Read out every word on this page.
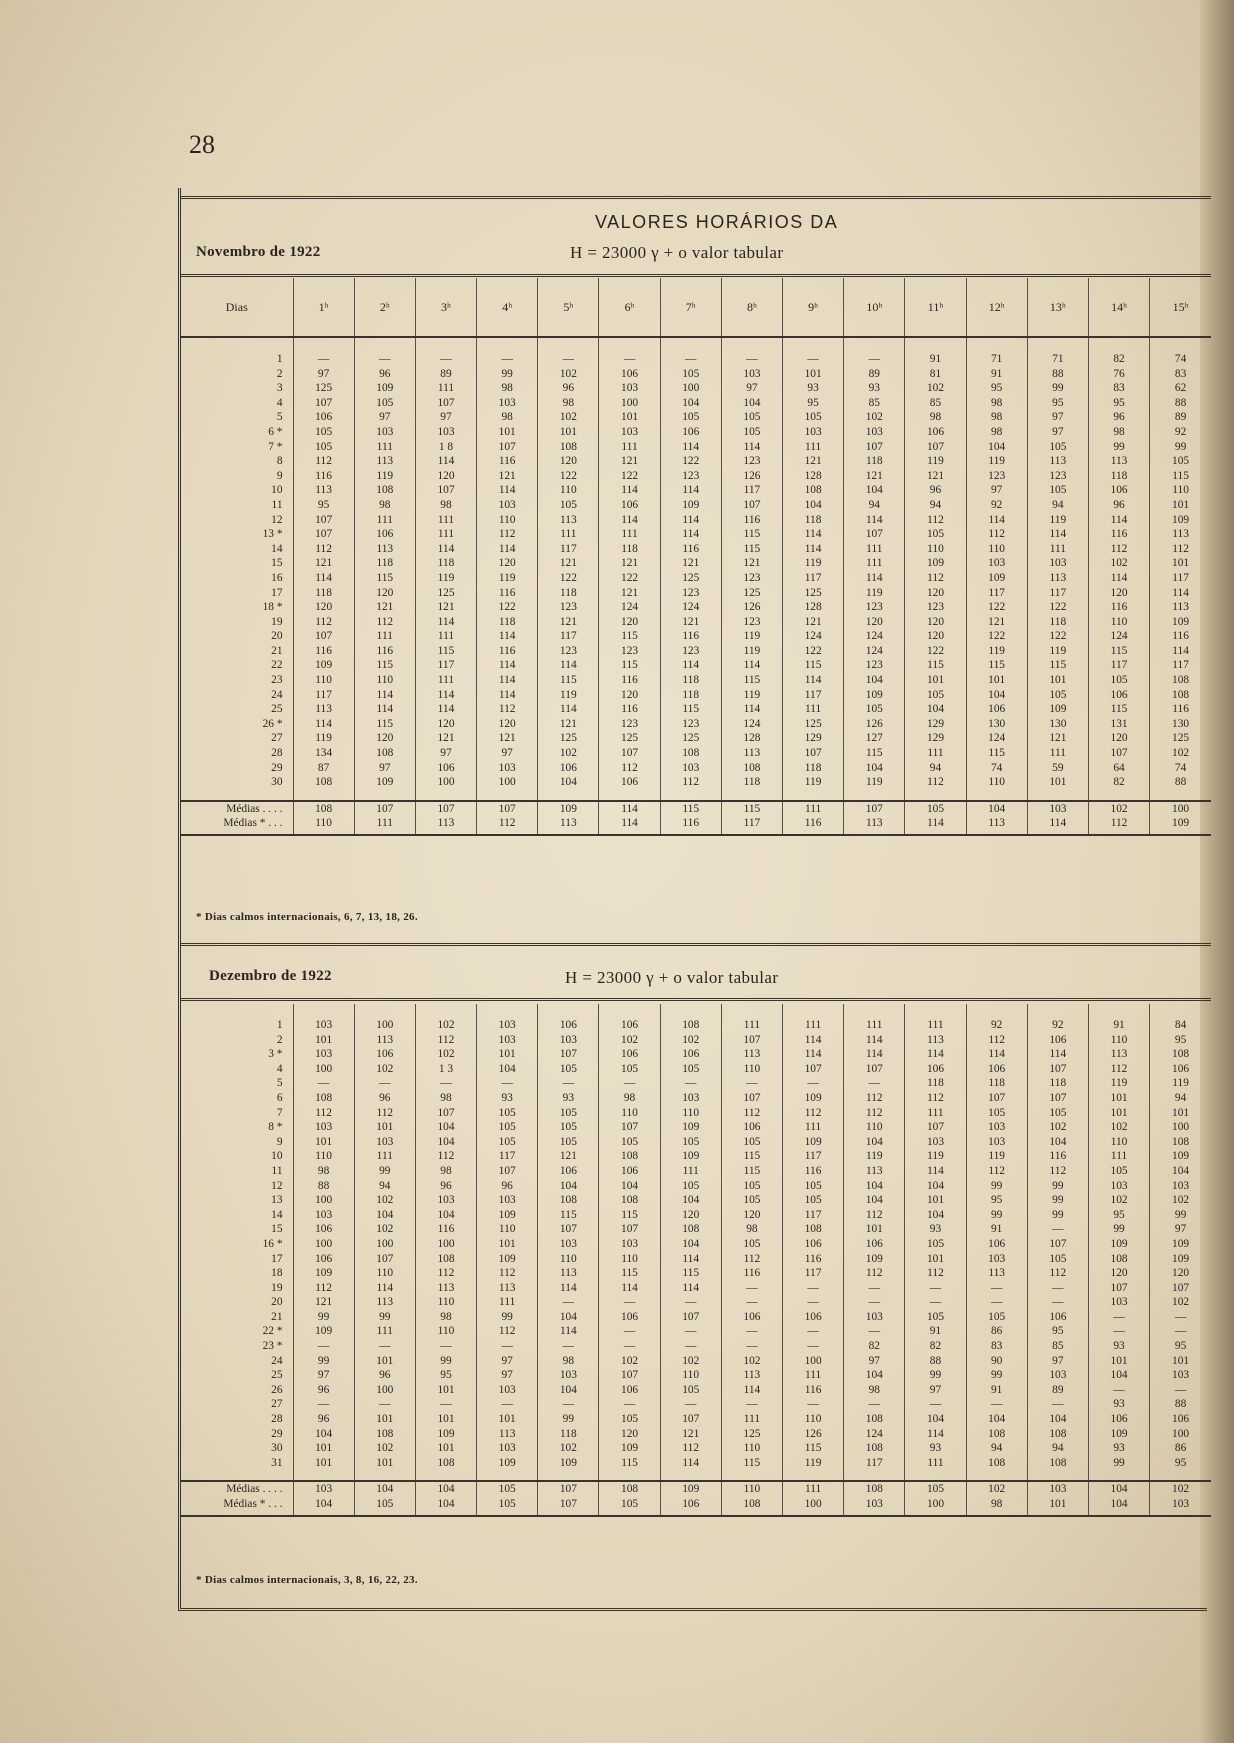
28
VALORES HORÁRIOS DA
Novembro de 1922	H = 23000 γ + o valor tabular
Dias	1ʰ	2ʰ	3ʰ	4ʰ	5ʰ	6ʰ	7ʰ	8ʰ	9ʰ	10ʰ	11ʰ	12ʰ	13ʰ	14ʰ	15ʰ

1	—	—	—	—	—	—	—	—	—	—	91	71	71	82	74
2	97	96	89	99	102	106	105	103	101	89	81	91	88	76	83
3	125	109	111	98	96	103	100	97	93	93	102	95	99	83	62
4	107	105	107	103	98	100	104	104	95	85	85	98	95	95	88
5	106	97	97	98	102	101	105	105	105	102	98	98	97	96	89
6 *	105	103	103	101	101	103	106	105	103	103	106	98	97	98	92
7 *	105	111	1 8	107	108	111	114	114	111	107	107	104	105	99	99
8	112	113	114	116	120	121	122	123	121	118	119	119	113	113	105
9	116	119	120	121	122	122	123	126	128	121	121	123	123	118	115
10	113	108	107	114	110	114	114	117	108	104	96	97	105	106	110
11	95	98	98	103	105	106	109	107	104	94	94	92	94	96	101
12	107	111	111	110	113	114	114	116	118	114	112	114	119	114	109
13 *	107	106	111	112	111	111	114	115	114	107	105	112	114	116	113
14	112	113	114	114	117	118	116	115	114	111	110	110	111	112	112
15	121	118	118	120	121	121	121	121	119	111	109	103	103	102	101
16	114	115	119	119	122	122	125	123	117	114	112	109	113	114	117
17	118	120	125	116	118	121	123	125	125	119	120	117	117	120	114
18 *	120	121	121	122	123	124	124	126	128	123	123	122	122	116	113
19	112	112	114	118	121	120	121	123	121	120	120	121	118	110	109
20	107	111	111	114	117	115	116	119	124	124	120	122	122	124	116
21	116	116	115	116	123	123	123	119	122	124	122	119	119	115	114
22	109	115	117	114	114	115	114	114	115	123	115	115	115	117	117
23	110	110	111	114	115	116	118	115	114	104	101	101	101	105	108
24	117	114	114	114	119	120	118	119	117	109	105	104	105	106	108
25	113	114	114	112	114	116	115	114	111	105	104	106	109	115	116
26 *	114	115	120	120	121	123	123	124	125	126	129	130	130	131	130
27	119	120	121	121	125	125	125	128	129	127	129	124	121	120	125
28	134	108	97	97	102	107	108	113	107	115	111	115	111	107	102
29	87	97	106	103	106	112	103	108	118	104	94	74	59	64	74
30	108	109	100	100	104	106	112	118	119	119	112	110	101	82	88

Médias . . . .	108	107	107	107	109	114	115	115	111	107	105	104	103	102	100
Médias * . . .	110	111	113	112	113	114	116	117	116	113	114	113	114	112	109
* Dias calmos internacionais, 6, 7, 13, 18, 26.
Dezembro de 1922	H = 23000 γ + o valor tabular

1	103	100	102	103	106	106	108	111	111	111	111	92	92	91	84
2	101	113	112	103	103	102	102	107	114	114	113	112	106	110	95
3 *	103	106	102	101	107	106	106	113	114	114	114	114	114	113	108
4	100	102	1 3	104	105	105	105	110	107	107	106	106	107	112	106
5	—	—	—	—	—	—	—	—	—	—	118	118	118	119	119
6	108	96	98	93	93	98	103	107	109	112	112	107	107	101	94
7	112	112	107	105	105	110	110	112	112	112	111	105	105	101	101
8 *	103	101	104	105	105	107	109	106	111	110	107	103	102	102	100
9	101	103	104	105	105	105	105	105	109	104	103	103	104	110	108
10	110	111	112	117	121	108	109	115	117	119	119	119	116	111	109
11	98	99	98	107	106	106	111	115	116	113	114	112	112	105	104
12	88	94	96	96	104	104	105	105	105	104	104	99	99	103	103
13	100	102	103	103	108	108	104	105	105	104	101	95	99	102	102
14	103	104	104	109	115	115	120	120	117	112	104	99	99	95	99
15	106	102	116	110	107	107	108	98	108	101	93	91	—	99	97
16 *	100	100	100	101	103	103	104	105	106	106	105	106	107	109	109
17	106	107	108	109	110	110	114	112	116	109	101	103	105	108	109
18	109	110	112	112	113	115	115	116	117	112	112	113	112	120	120
19	112	114	113	113	114	114	114	—	—	—	—	—	—	107	107
20	121	113	110	111	—	—	—	—	—	—	—	—	—	103	102
21	99	99	98	99	104	106	107	106	106	103	105	105	106	—	—
22 *	109	111	110	112	114	—	—	—	—	—	91	86	95	—	—
23 *	—	—	—	—	—	—	—	—	—	82	82	83	85	93	95
24	99	101	99	97	98	102	102	102	100	97	88	90	97	101	101
25	97	96	95	97	103	107	110	113	111	104	99	99	103	104	103
26	96	100	101	103	104	106	105	114	116	98	97	91	89	—	—
27	—	—	—	—	—	—	—	—	—	—	—	—	—	93	88
28	96	101	101	101	99	105	107	111	110	108	104	104	104	106	106
29	104	108	109	113	118	120	121	125	126	124	114	108	108	109	100
30	101	102	101	103	102	109	112	110	115	108	93	94	94	93	86
31	101	101	108	109	109	115	114	115	119	117	111	108	108	99	95

Médias . . . .	103	104	104	105	107	108	109	110	111	108	105	102	103	104	102
Médias * . . .	104	105	104	105	107	105	106	108	100	103	100	98	101	104	103
* Dias calmos internacionais, 3, 8, 16, 22, 23.
